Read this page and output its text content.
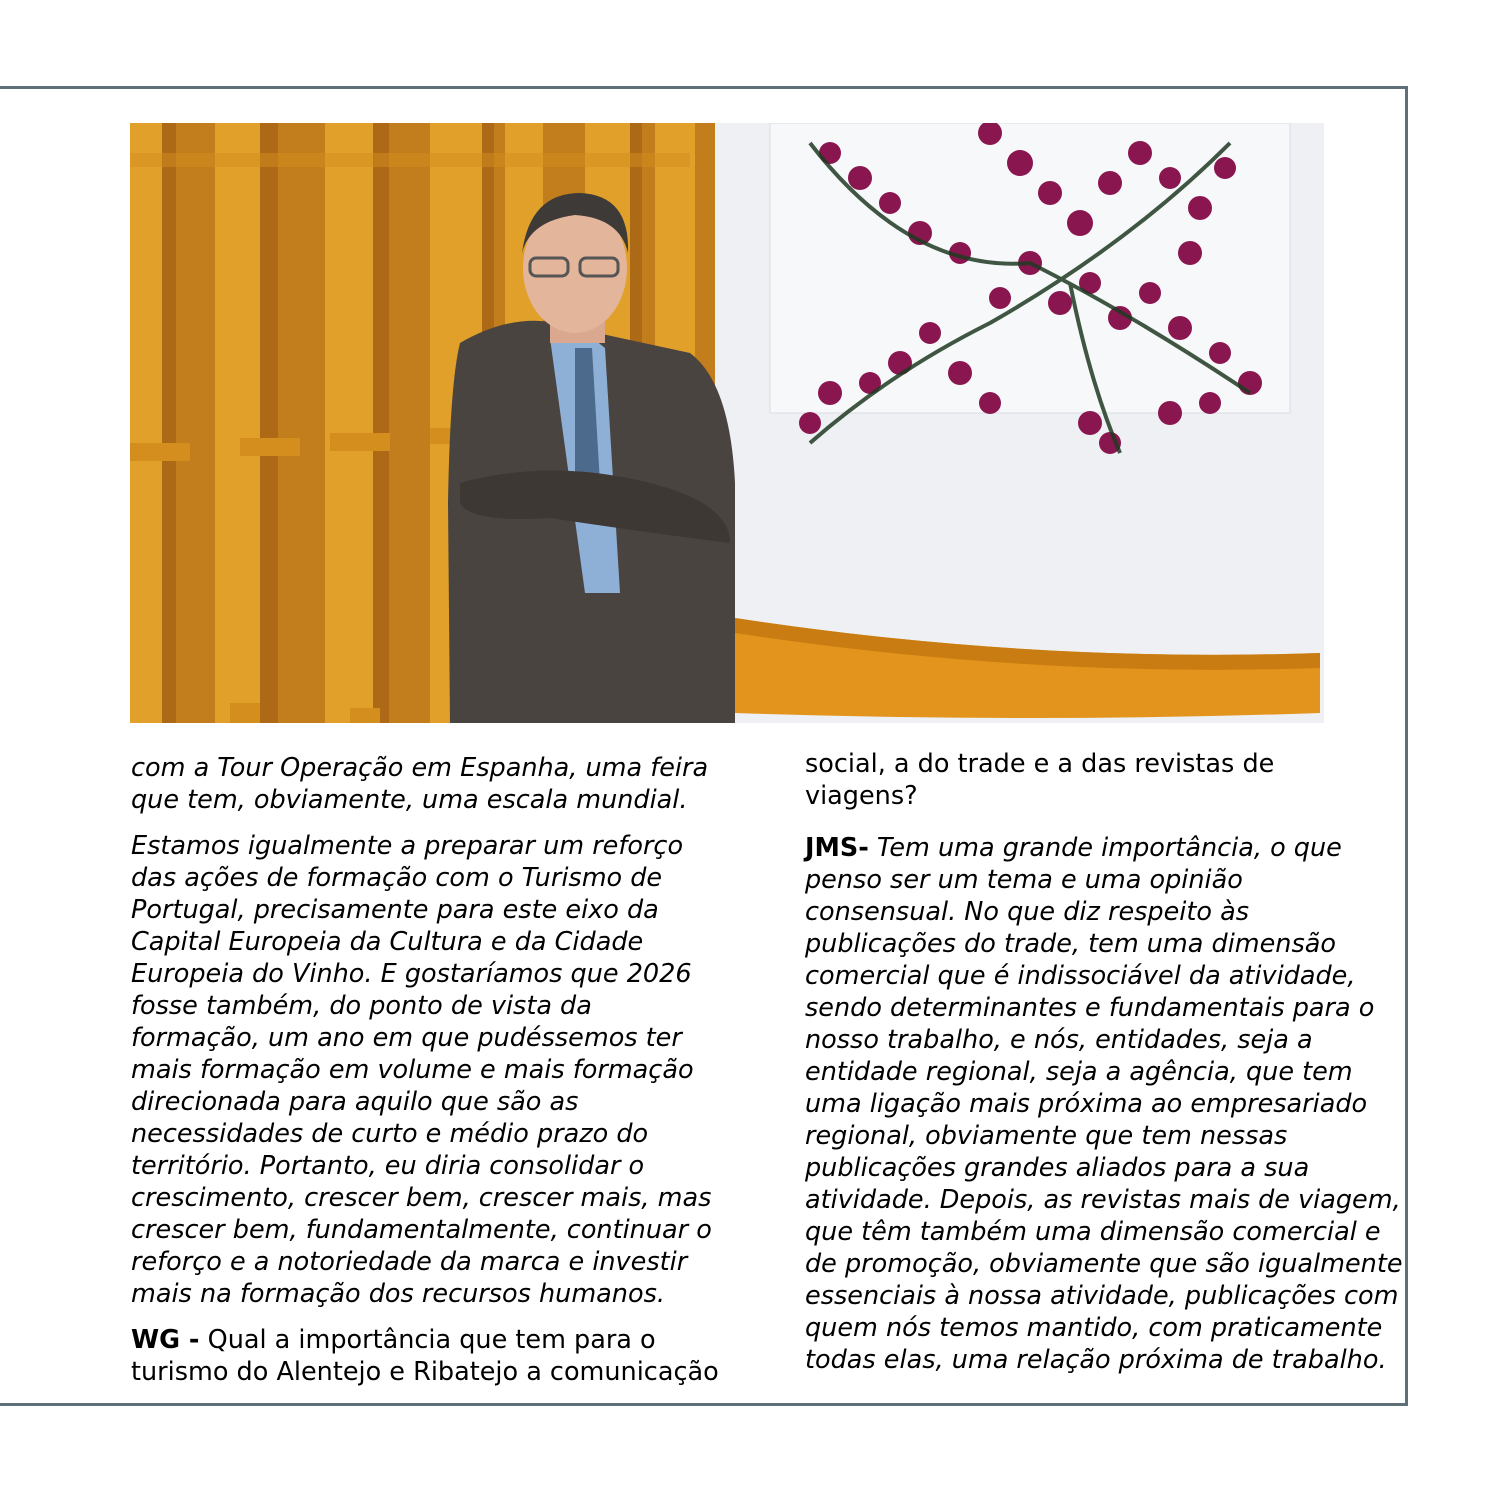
com a Tour Operação em Espanha, uma feira
que tem, obviamente, uma escala mundial.

Estamos igualmente a preparar um reforço
das ações de formação com o Turismo de
Portugal, precisamente para este eixo da
Capital Europeia da Cultura e da Cidade
Europeia do Vinho. E gostaríamos que 2026
fosse também, do ponto de vista da
formação, um ano em que pudéssemos ter
mais formação em volume e mais formação
direcionada para aquilo que são as
necessidades de curto e médio prazo do
território. Portanto, eu diria consolidar o
crescimento, crescer bem, crescer mais, mas
crescer bem, fundamentalmente, continuar o
reforço e a notoriedade da marca e investir
mais na formação dos recursos humanos.

WG - Qual a importância que tem para o
turismo do Alentejo e Ribatejo a comunicação

social, a do trade e a das revistas de
viagens?

JMS- Tem uma grande importância, o que
penso ser um tema e uma opinião
consensual. No que diz respeito às
publicações do trade, tem uma dimensão
comercial que é indissociável da atividade,
sendo determinantes e fundamentais para o
nosso trabalho, e nós, entidades, seja a
entidade regional, seja a agência, que tem
uma ligação mais próxima ao empresariado
regional, obviamente que tem nessas
publicações grandes aliados para a sua
atividade. Depois, as revistas mais de viagem,
que têm também uma dimensão comercial e
de promoção, obviamente que são igualmente
essenciais à nossa atividade, publicações com
quem nós temos mantido, com praticamente
todas elas, uma relação próxima de trabalho.
